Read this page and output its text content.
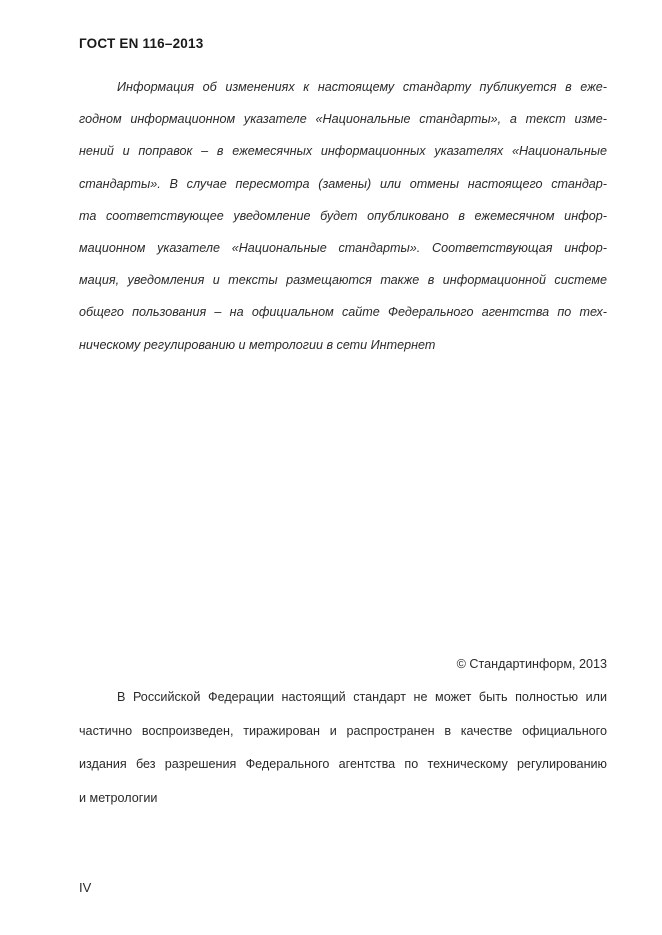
ГОСТ EN 116–2013
Информация об изменениях к настоящему стандарту публикуется в еже-
годном информационном указателе «Национальные стандарты», а текст изме-
нений и поправок – в ежемесячных информационных указателях «Национальные
стандарты». В случае пересмотра (замены) или отмены настоящего стандар-
та соответствующее уведомление будет опубликовано в ежемесячном инфор-
мационном указателе «Национальные стандарты». Соответствующая инфор-
мация, уведомления и тексты размещаются также в информационной системе
общего пользования – на официальном сайте Федерального агентства по тех-
ническому регулированию и метрологии в сети Интернет
© Стандартинформ, 2013
В Российской Федерации настоящий стандарт не может быть полностью или
частично воспроизведен, тиражирован и распространен в качестве официального
издания без разрешения Федерального агентства по техническому регулированию
и метрологии
IV
